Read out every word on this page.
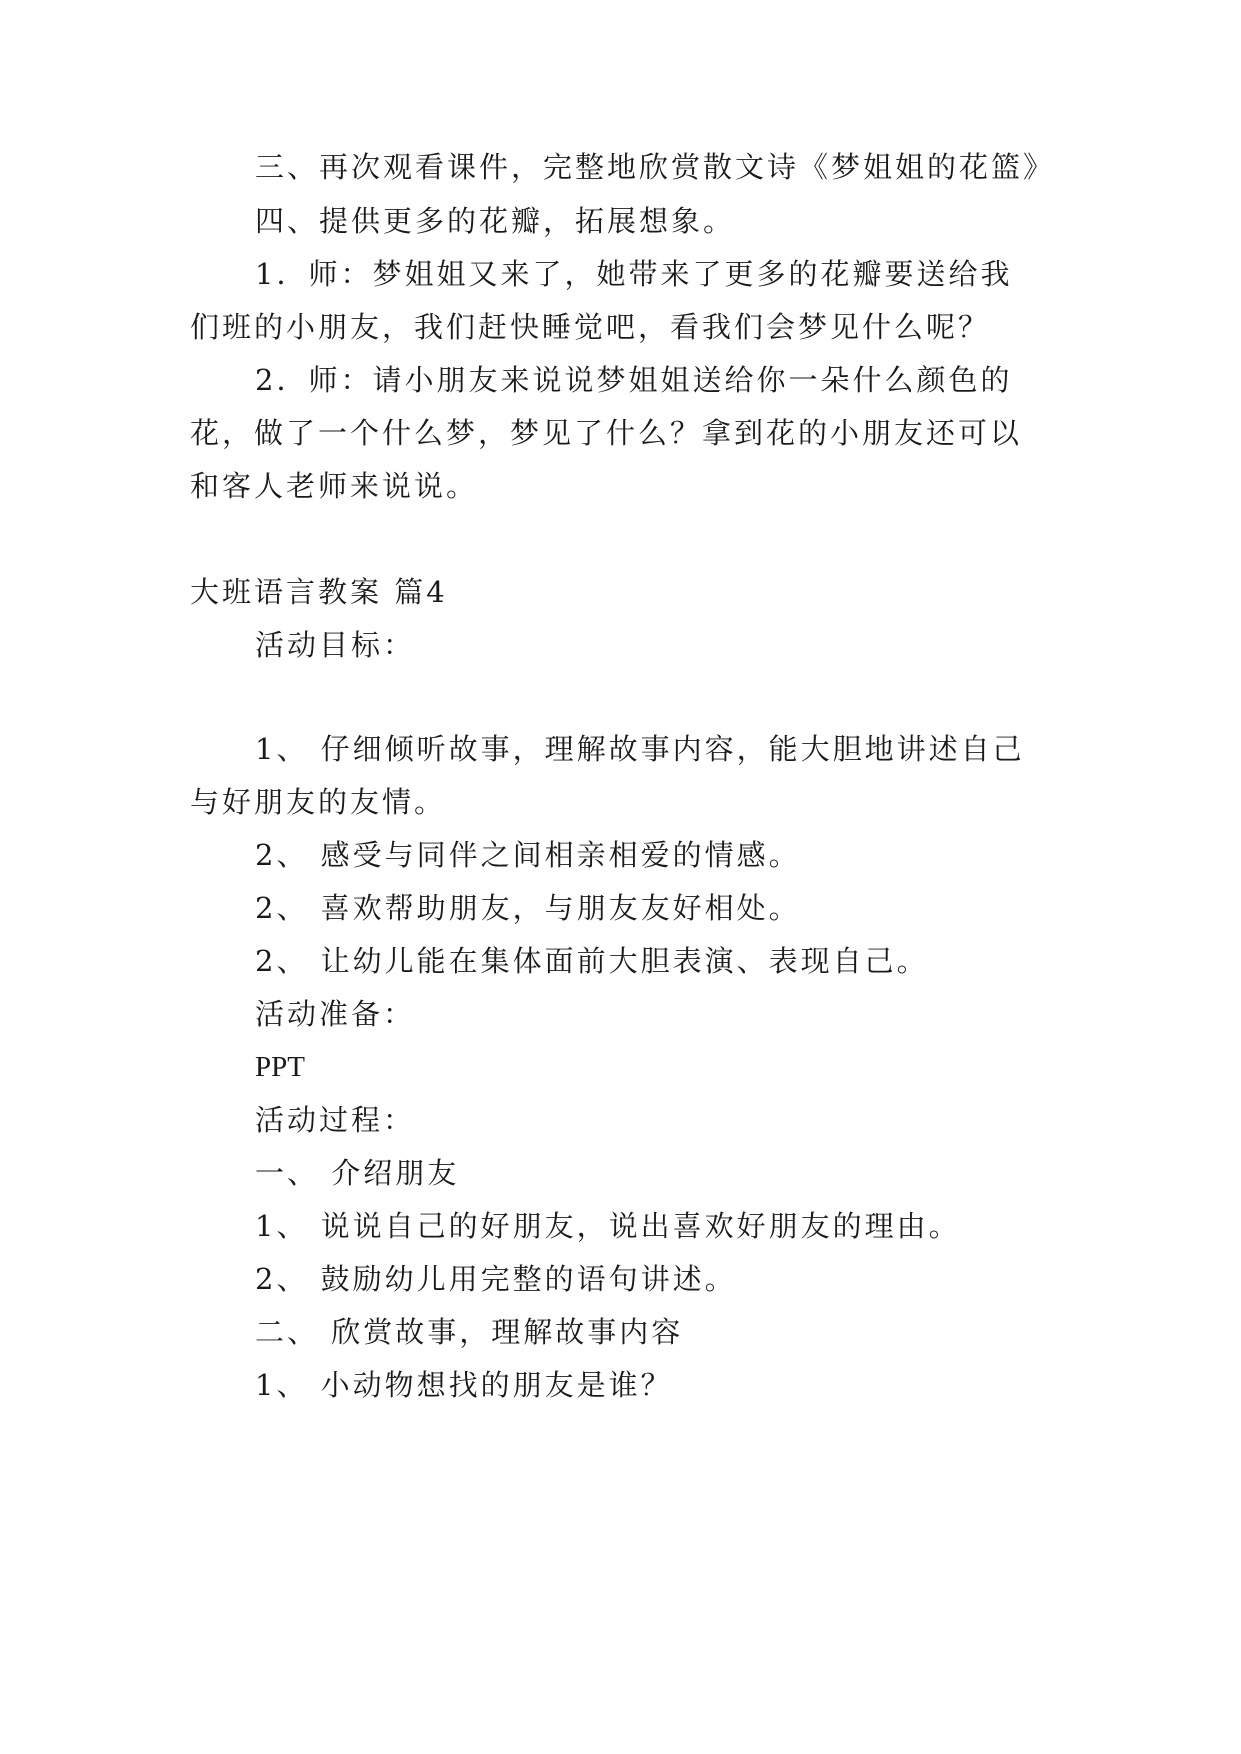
三、再次观看课件，完整地欣赏散文诗《梦姐姐的花篮》
四、提供更多的花瓣，拓展想象。
1．师：梦姐姐又来了，她带来了更多的花瓣要送给我
们班的小朋友，我们赶快睡觉吧，看我们会梦见什么呢？
2．师：请小朋友来说说梦姐姐送给你一朵什么颜色的
花，做了一个什么梦，梦见了什么？拿到花的小朋友还可以
和客人老师来说说。
大班语言教案 篇4
活动目标：
1、 仔细倾听故事，理解故事内容，能大胆地讲述自己
与好朋友的友情。
2、 感受与同伴之间相亲相爱的情感。
2、 喜欢帮助朋友，与朋友友好相处。
2、 让幼儿能在集体面前大胆表演、表现自己。
活动准备：
PPT
活动过程：
一、 介绍朋友
1、 说说自己的好朋友，说出喜欢好朋友的理由。
2、 鼓励幼儿用完整的语句讲述。
二、 欣赏故事，理解故事内容
1、 小动物想找的朋友是谁？
